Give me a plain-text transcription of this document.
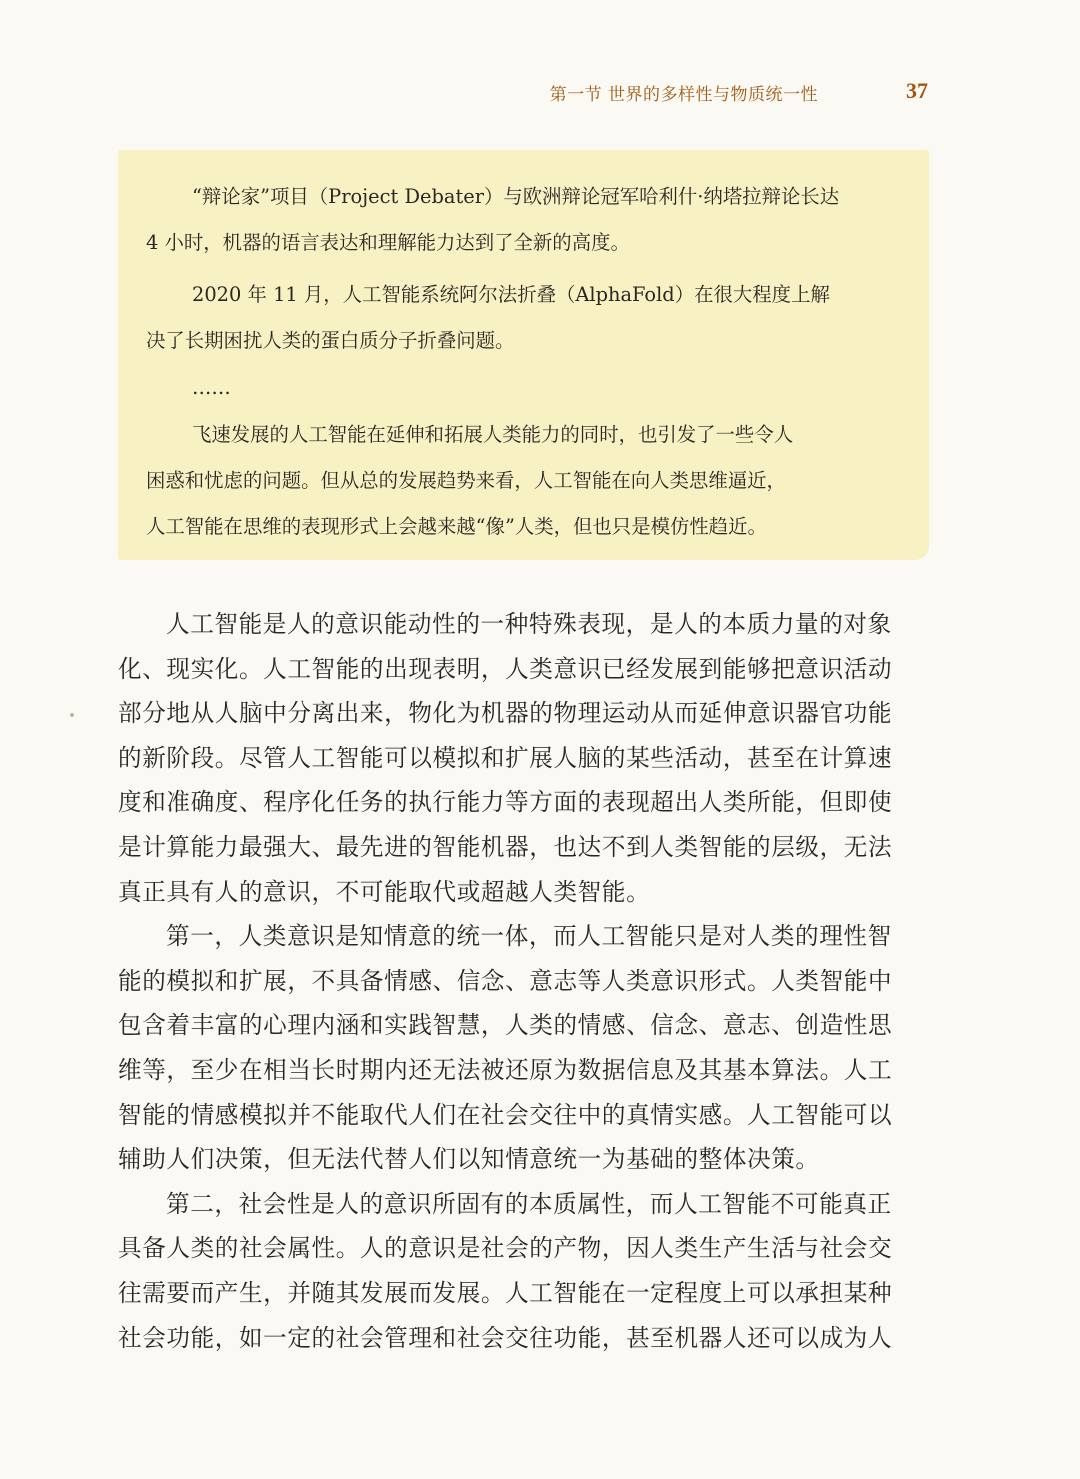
第一节 世界的多样性与物质统一性	37

“辩论家”项目（Project Debater）与欧洲辩论冠军哈利什·纳塔拉辩论长达

4 小时，机器的语言表达和理解能力达到了全新的高度。

2020 年 11 月，人工智能系统阿尔法折叠（AlphaFold）在很大程度上解

决了长期困扰人类的蛋白质分子折叠问题。

……

飞速发展的人工智能在延伸和拓展人类能力的同时，也引发了一些令人

困惑和忧虑的问题。但从总的发展趋势来看，人工智能在向人类思维逼近，

人工智能在思维的表现形式上会越来越“像”人类，但也只是模仿性趋近。

人工智能是人的意识能动性的一种特殊表现，是人的本质力量的对象

化、现实化。人工智能的出现表明，人类意识已经发展到能够把意识活动

部分地从人脑中分离出来，物化为机器的物理运动从而延伸意识器官功能

的新阶段。尽管人工智能可以模拟和扩展人脑的某些活动，甚至在计算速

度和准确度、程序化任务的执行能力等方面的表现超出人类所能，但即使

是计算能力最强大、最先进的智能机器，也达不到人类智能的层级，无法

真正具有人的意识，不可能取代或超越人类智能。

第一，人类意识是知情意的统一体，而人工智能只是对人类的理性智

能的模拟和扩展，不具备情感、信念、意志等人类意识形式。人类智能中

包含着丰富的心理内涵和实践智慧，人类的情感、信念、意志、创造性思

维等，至少在相当长时期内还无法被还原为数据信息及其基本算法。人工

智能的情感模拟并不能取代人们在社会交往中的真情实感。人工智能可以

辅助人们决策，但无法代替人们以知情意统一为基础的整体决策。

第二，社会性是人的意识所固有的本质属性，而人工智能不可能真正

具备人类的社会属性。人的意识是社会的产物，因人类生产生活与社会交

往需要而产生，并随其发展而发展。人工智能在一定程度上可以承担某种

社会功能，如一定的社会管理和社会交往功能，甚至机器人还可以成为人
